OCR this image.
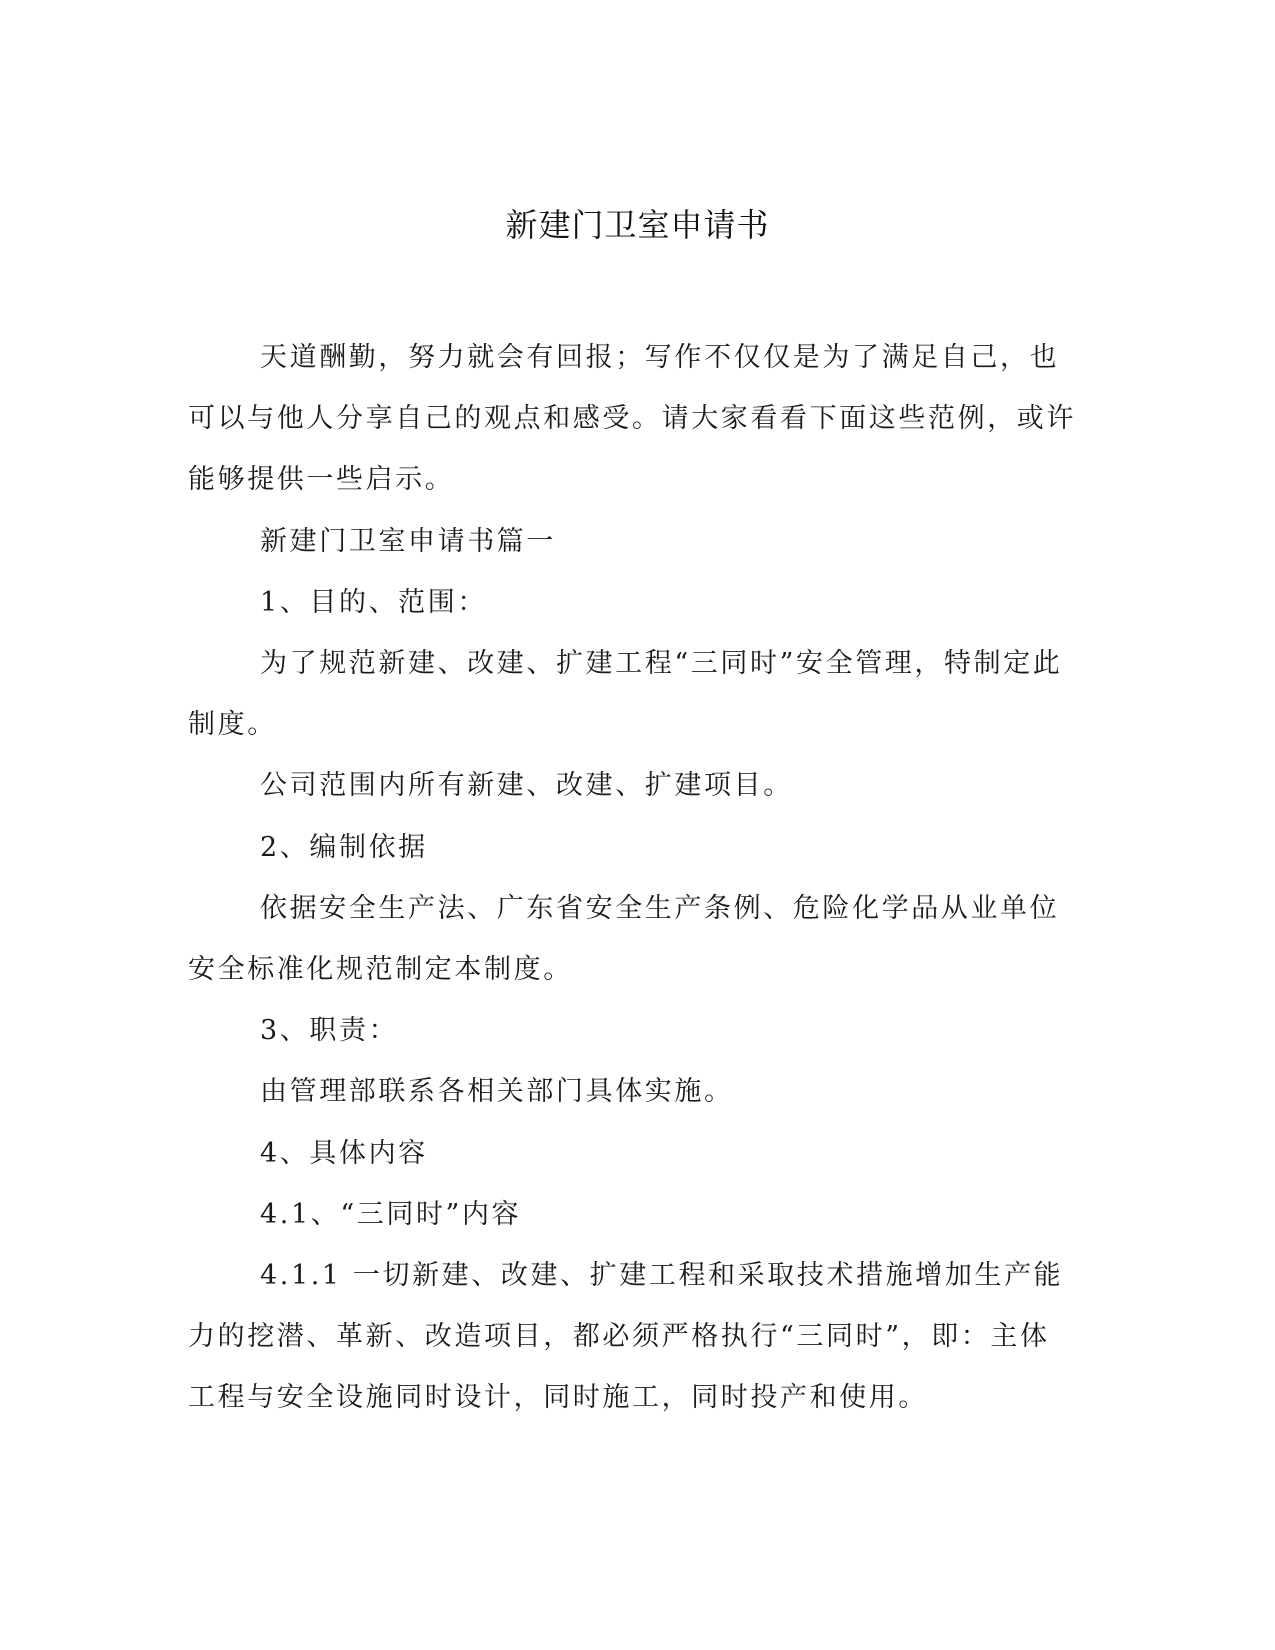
新建门卫室申请书

天道酬勤，努力就会有回报；写作不仅仅是为了满足自己，也可以与他人分享自己的观点和感受。请大家看看下面这些范例，或许能够提供一些启示。

新建门卫室申请书篇一

1、目的、范围：

为了规范新建、改建、扩建工程“三同时”安全管理，特制定此制度。

公司范围内所有新建、改建、扩建项目。

2、编制依据

依据安全生产法、广东省安全生产条例、危险化学品从业单位安全标准化规范制定本制度。

3、职责：

由管理部联系各相关部门具体实施。

4、具体内容

4.1、“三同时”内容

4.1.1 一切新建、改建、扩建工程和采取技术措施增加生产能力的挖潜、革新、改造项目，都必须严格执行“三同时”，即：主体工程与安全设施同时设计，同时施工，同时投产和使用。
